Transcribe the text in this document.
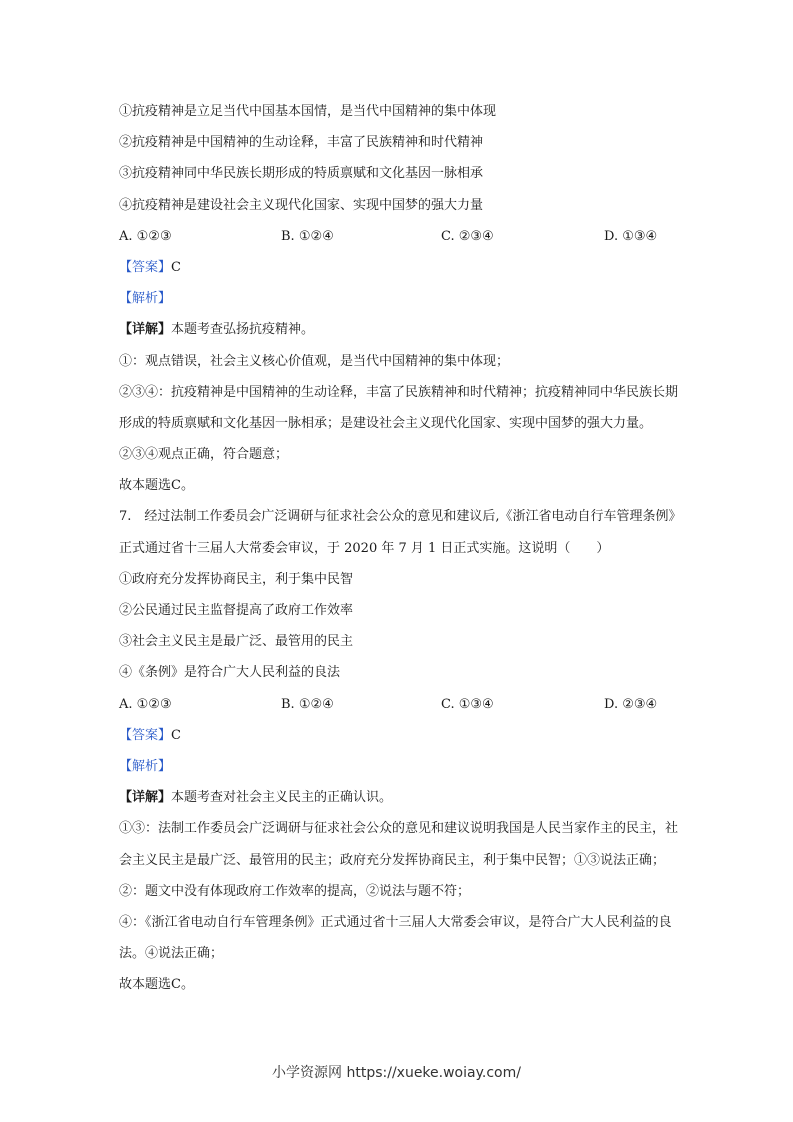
①抗疫精神是立足当代中国基本国情，是当代中国精神的集中体现
②抗疫精神是中国精神的生动诠释，丰富了民族精神和时代精神
③抗疫精神同中华民族长期形成的特质禀赋和文化基因一脉相承
④抗疫精神是建设社会主义现代化国家、实现中国梦的强大力量
A. ①②③	B. ①②④	C. ②③④	D. ①③④
【答案】C
【解析】
【详解】本题考查弘扬抗疫精神。
①：观点错误，社会主义核心价值观，是当代中国精神的集中体现；
②③④：抗疫精神是中国精神的生动诠释，丰富了民族精神和时代精神；抗疫精神同中华民族长期形成的特质禀赋和文化基因一脉相承；是建设社会主义现代化国家、实现中国梦的强大力量。②③④观点正确，符合题意；
故本题选C。
7.　经过法制工作委员会广泛调研与征求社会公众的意见和建议后,《浙江省电动自行车管理条例》正式通过省十三届人大常委会审议，于 2020 年 7 月 1 日正式实施。这说明（　　）
①政府充分发挥协商民主，利于集中民智
②公民通过民主监督提高了政府工作效率
③社会主义民主是最广泛、最管用的民主
④《条例》是符合广大人民利益的良法
A. ①②③	B. ①②④	C. ①③④	D. ②③④
【答案】C
【解析】
【详解】本题考查对社会主义民主的正确认识。
①③：法制工作委员会广泛调研与征求社会公众的意见和建议说明我国是人民当家作主的民主，社会主义民主是最广泛、最管用的民主；政府充分发挥协商民主，利于集中民智；①③说法正确；
②：题文中没有体现政府工作效率的提高，②说法与题不符；
④：《浙江省电动自行车管理条例》正式通过省十三届人大常委会审议，是符合广大人民利益的良法。④说法正确；
故本题选C。
小学资源网 https://xueke.woiay.com/
